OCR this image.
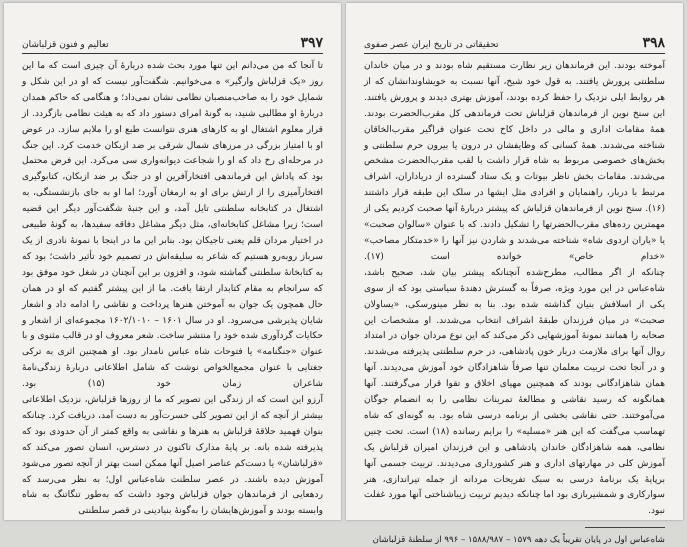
۳۹۷
تعالیم و فنون قزلباشان

تا آنجا که من می‌دانم این تنها مورد بحث شده دربارهٔ آن چیزی است که ما این روز «یک قزلباش وارگیر» ه می‌خوانیم. شگفت‌آور نیست که او در این شکل و شمایل خود را به صاحب‌منصبان نظامی نشان نمی‌داد؛ و هنگامی که حاکم همدان دربارهٔ او مطالبی شنید، به گونهٔ امرای دستور داد که به هیئت نظامی بازگردد. از قرار معلوم اشتغال او به کارهای هنری نتوانست طبع او را ملایم سازد. در عوض او با امتیاز بزرگی در مرزهای شمال شرقی بر ضد ازبکان خدمت کرد. این جنگ در مرحله‌ای رخ داد که او را شجاعت دیوانه‌واری سی می‌کرد. این فرض محتمل بود که پاداش این فرماندهی افتخارآفرین او در جنگ بر ضد ازبکان، کتابوگیری افتخارآمیزی را از ارتش برای او به ارمغان آورد؛ اما او به جای بازنشستگی، به اشتغال در کتابخانه سلطنتی تایل آمد، و این جنبهٔ شگفت‌آور دیگر این قضیه است؛ زیرا مشاغل کتابخانه‌ای، مثل دیگر مشاغل دفاقه سفیدها، به گونهٔ طبیعی در اختیار مردان قلم یعنی تاجیکان بود. بنابر این ما در اینجا با نمونهٔ نادری از یک سرباز روبه‌رو هستیم که شاعر به سلیقه‌اش در تصمیم خود تأثیر داشت؛ بود که به کتابخانهٔ سلطنتی گماشته شود، و افزون بر این آنچنان در شغل خود موفق بود که سرانجام به مقام کتابدار ارتقا یافت. ما از این پیشتر گفتیم که او در همان حال همچون یک جوان به آموختن هنرها پرداخت و نقاشی را ادامه داد و اشعار شایان پذیرشی می‌سرود. او در سال ۱۶۰۱ – ۱۶۰۲/۱۰۱۰ مجموعه‌ای از اشعار و حکایات گردآوری شده خود را منتشر ساخت. شعر معروف او در قالب مثنوی و با عنوان «جنگنامه» یا فتوحات شاه عباس نامدار بود. او همچنین اثری به ترکی جغتایی با عنوان مجمع‌الخواص نوشت که شامل اطلاعاتی دربارهٔ زندگی‌نامهٔ شاعران زمان خود (۱۵) بود.

آرزو این است که از زندگی این تصویر که ما از روزها قزلباش، نزدیک اطلاعاتی بیشتر از آنچه که از این تصویر کلی حسرت‌آور به دست آمد، دریافت کرد. چنانکه بنوان فهمید حلاقهٔ قزلباش به هنرها و نقاشی به واقع کمتر از آن حدودی بود که پذیرفته شده بانه. بر پایهٔ مدارک تاکنون در دسترس، انسان تصور می‌کند که «قزلباشان» یا دست‌کم عناصر اصیل آنها ممکن است بهتر از آنچه تصور می‌شود آموزش دیده باشند. در عصر سلطنت شاه‌عباس اول؛ به نظر می‌رسد که ردهعایی از فرماندهان جوان قزلباش وجود داشت که به‌طور تنگاتنگ به شاه وابسته بودند و آموزش‌هایشان را به‌گونهٔ بنیادینی در قصر سلطنتی

۳۹۸
تحقیقاتی در تاریخ ایران عصر صفوی

آموخته بودند. این فرماندهان زیر نظارت مستقیم شاه بودند و در میان خاندان سلطنتی پرورش یافتند. به قول خود شیخ، آنها نسبت به خویشاوندانشان که از هر روابط ایلی نزدیک را حفظ کرده بودند، آموزش بهتری دیدند و پرورش یافتند. این سنخ نوین از فرماندهان قزلباش تحت فرماندهی کل مقرب‌الحضرت بودند. همهٔ مقامات اداری و مالی در داخل کاخ تحت عنوان فراگیر مقرب‌الخاقان شناخته می‌شدند. همهٔ کسانی که وظایفشان در درون یا بیرون حرم سلطنتی و بخش‌های خصوصی مربوط به شاه قرار داشت با لقب مقرب‌الحضرت مشخص می‌شدند. مقامات بخش ناظر بیوتات و یک ستاد گسترده از دریاداران، اشراف مرتبط با دربار، راهنمایان و افرادی مثل ایشها در سلک این طبقه قرار داشتند (۱۶). سنخ نوین از فرماندهان قزلباش که پیشتر دربارهٔ آنها صحبت کردیم یکی از مهمترین رده‌های مقرب‌الحضرتها را تشکیل دادند. که با عنوان «سالوان صحبت» یا «یاران اردوی شاه» شناخته می‌شدند و شاردن نیز آنها را «خدمتکار مصاحب» «خدام خاص» خوانده است (۱۷).

چنانکه از اگر مطالب، مطرح‌شده آنچنانکه پیشتر بیان شد، صحیح باشد، شاه‌عباس در این مورد ویژه، صرفاً به گسترش دهندهٔ سیاستی بود که از سوی یکی از اسلافش بنیان گذاشته شده بود. بنا به نظر مینورسکی، «یساولان صحبت» در میان فرزندان طبقهٔ اشراف انتخاب می‌شدند. او مشخصات این صحابه را همانند نمونهٔ آموزشهایی ذکر می‌کند که این نوع مردان جوان در امتداد روال آنها برای ملازمت دربار خون پادشاهی، در حرم سلطنتی پذیرفته می‌شدند. و در آنجا تحت تربیت معلمان تنها صرفاً شاهزادگان خود آموزش می‌دیدند. آنها همان شاهزادگانی بودند که همچنین مهیای اخلاق و تقوا قرار می‌گرفتند. آنها همانگونه که رسید نقاشی و مطالعهٔ تمرینات نظامی را به انضمام جوگان می‌آموختند. حتی نقاشی بخشی از برنامه درسی شاه بود. به گونه‌ای که شاه تهماسب می‌گفت که این هنر «مسلیه» را برایم رسانده (۱۸) است. تحت چنین نظامی، همه شاهزادگان خاندان پادشاهی و این فرزندان امیران قزلباش یک آموزش کلی در مهارتهای اداری و هنر کشورداری می‌دیدند. تربیت جسمی آنها برپایهٔ یک برنامهٔ درسی به سبک تفریحات مردانه از جمله تیراندازی، هنر سوارکاری و شمشیربازی بود اما چنانکه دیدیم تربیت زیباشناختی آنها مورد غفلت نبود.

شاه‌عباس اول در پایان تقریباً یک دهه ۱۵۷۹ – ۱۵۸۸/۹۸۷ – ۹۹۶ از سلطنهٔ قزلباشان
